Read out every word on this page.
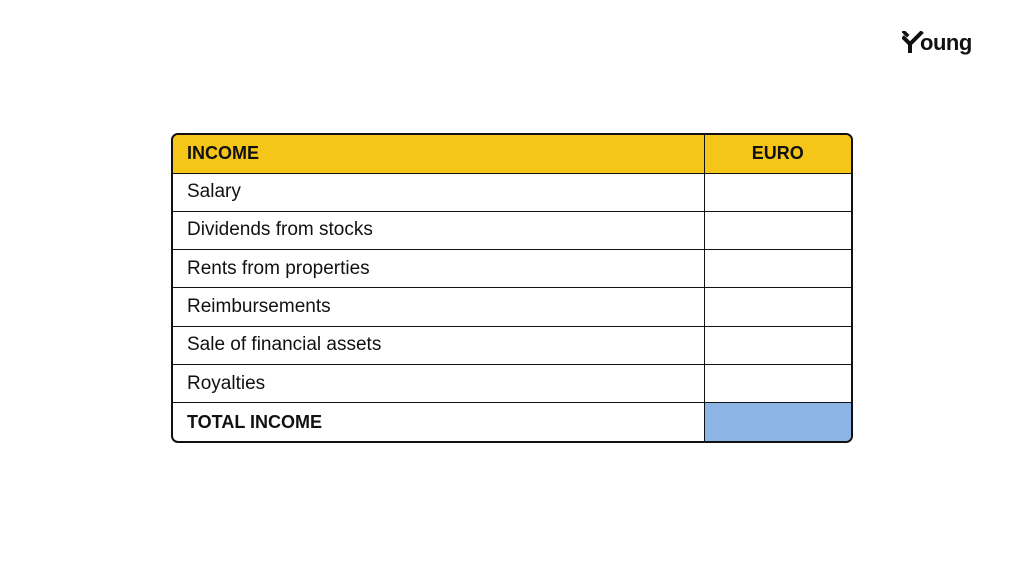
oung
INCOME	EURO
Salary	
Dividends from stocks	
Rents from properties	
Reimbursements	
Sale of financial assets	
Royalties	
TOTAL INCOME	
